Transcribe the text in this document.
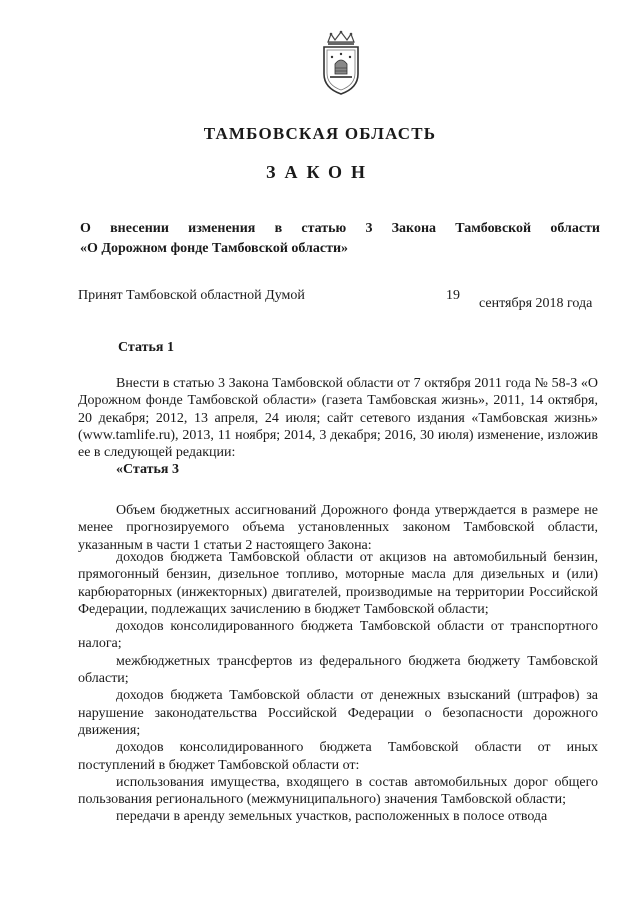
ТАМБОВСКАЯ ОБЛАСТЬ
ЗАКОН
О внесении изменения в статью 3 Закона Тамбовской области
«О Дорожном фонде Тамбовской области»
Принят Тамбовской областной Думой	19
сентября 2018 года
Статья 1

Внести в статью 3 Закона Тамбовской области от 7 октября 2011 года № 58-З «О Дорожном фонде Тамбовской области» (газета Тамбовская жизнь», 2011, 14 октября, 20 декабря; 2012, 13 апреля, 24 июля; сайт сетевого издания «Тамбовская жизнь» (www.tamlife.ru), 2013, 11 ноября; 2014, 3 декабря; 2016, 30 июля) изменение, изложив ее в следующей редакции:

«Статья 3

Объем бюджетных ассигнований Дорожного фонда утверждается в размере не менее прогнозируемого объема установленных законом Тамбовской области, указанным в части 1 статьи 2 настоящего Закона:

доходов бюджета Тамбовской области от акцизов на автомобильный бензин, прямогонный бензин, дизельное топливо, моторные масла для дизельных и (или) карбюраторных (инжекторных) двигателей, производимые на территории Российской Федерации, подлежащих зачислению в бюджет Тамбовской области;

доходов консолидированного бюджета Тамбовской области от транспортного налога;

межбюджетных трансфертов из федерального бюджета бюджету Тамбовской области;

доходов бюджета Тамбовской области от денежных взысканий (штрафов) за нарушение законодательства Российской Федерации о безопасности дорожного движения;

доходов консолидированного бюджета Тамбовской области от иных поступлений в бюджет Тамбовской области от:

использования имущества, входящего в состав автомобильных дорог общего пользования регионального (межмуниципального) значения Тамбовской области;

передачи в аренду земельных участков, расположенных в полосе отвода
